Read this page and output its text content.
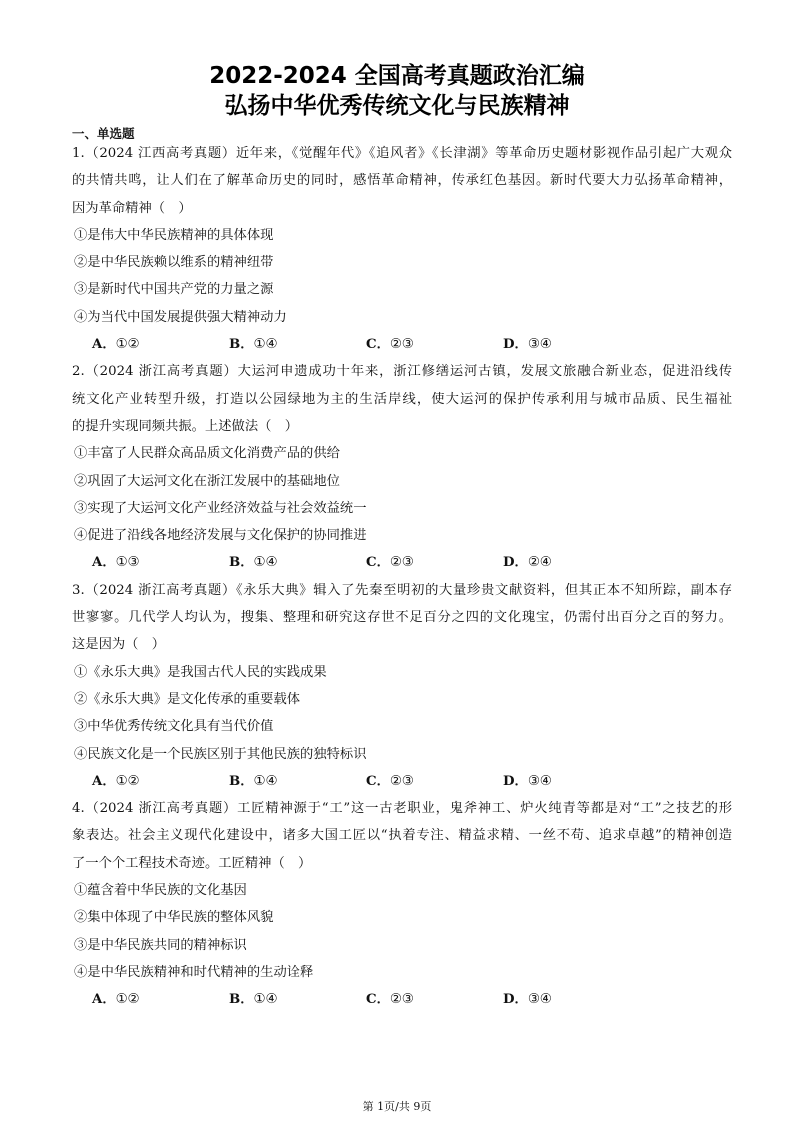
2022-2024 全国高考真题政治汇编
弘扬中华优秀传统文化与民族精神
一、单选题
1.（2024 江西高考真题）近年来，《觉醒年代》《追风者》《长津湖》等革命历史题材影视作品引起广大观众
的共情共鸣，让人们在了解革命历史的同时，感悟革命精神，传承红色基因。新时代要大力弘扬革命精神，
因为革命精神（　）
①是伟大中华民族精神的具体体现
②是中华民族赖以维系的精神纽带
③是新时代中国共产党的力量之源
④为当代中国发展提供强大精神动力
A．①②	B．①④	C．②③	D．③④
2.（2024 浙江高考真题）大运河申遗成功十年来，浙江修缮运河古镇，发展文旅融合新业态，促进沿线传
统文化产业转型升级，打造以公园绿地为主的生活岸线，使大运河的保护传承利用与城市品质、民生福祉
的提升实现同频共振。上述做法（　）
①丰富了人民群众高品质文化消费产品的供给
②巩固了大运河文化在浙江发展中的基础地位
③实现了大运河文化产业经济效益与社会效益统一
④促进了沿线各地经济发展与文化保护的协同推进
A．①③	B．①④	C．②③	D．②④
3.（2024 浙江高考真题）《永乐大典》辑入了先秦至明初的大量珍贵文献资料，但其正本不知所踪，副本存
世寥寥。几代学人均认为，搜集、整理和研究这存世不足百分之四的文化瑰宝，仍需付出百分之百的努力。
这是因为（　）
①《永乐大典》是我国古代人民的实践成果
②《永乐大典》是文化传承的重要载体
③中华优秀传统文化具有当代价值
④民族文化是一个民族区别于其他民族的独特标识
A．①②	B．①④	C．②③	D．③④
4.（2024 浙江高考真题）工匠精神源于“工”这一古老职业，鬼斧神工、炉火纯青等都是对“工”之技艺的形
象表达。社会主义现代化建设中，诸多大国工匠以“执着专注、精益求精、一丝不苟、追求卓越”的精神创造
了一个个工程技术奇迹。工匠精神（　）
①蕴含着中华民族的文化基因
②集中体现了中华民族的整体风貌
③是中华民族共同的精神标识
④是中华民族精神和时代精神的生动诠释
A．①②	B．①④	C．②③	D．③④
第 1页/共 9页
